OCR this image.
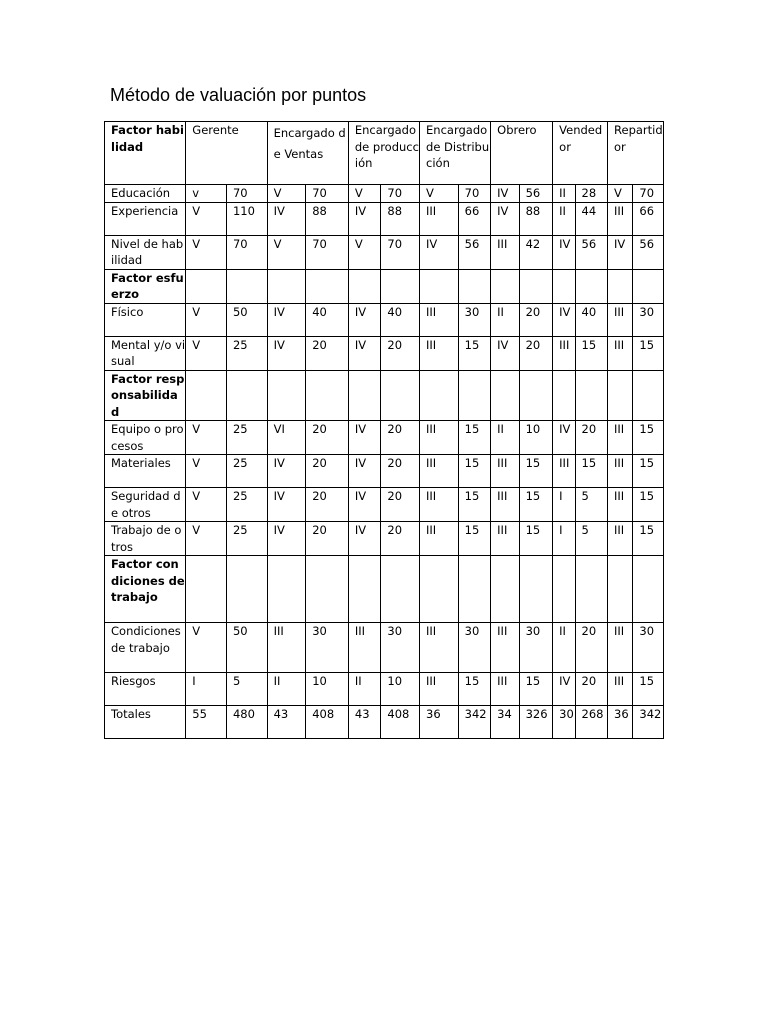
Método de valuación por puntos
Factor habilidad	Gerente		Encargado de Ventas		Encargado de producción		Encargado de Distribución		Obrero		Vendedor		Repartidor	
Educación	v	70	V	70	V	70	V	70	IV	56	II	28	V	70
Experiencia	V	110	IV	88	IV	88	III	66	IV	88	II	44	III	66
Nivel de habilidad	V	70	V	70	V	70	IV	56	III	42	IV	56	IV	56
Factor esfuerzo														
Físico	V	50	IV	40	IV	40	III	30	II	20	IV	40	III	30
Mental y/o visual	V	25	IV	20	IV	20	III	15	IV	20	III	15	III	15
Factor responsabilidad														
Equipo o procesos	V	25	VI	20	IV	20	III	15	II	10	IV	20	III	15
Materiales	V	25	IV	20	IV	20	III	15	III	15	III	15	III	15
Seguridad de otros	V	25	IV	20	IV	20	III	15	III	15	I	5	III	15
Trabajo de otros	V	25	IV	20	IV	20	III	15	III	15	I	5	III	15
Factor condiciones de trabajo														
Condiciones de trabajo	V	50	III	30	III	30	III	30	III	30	II	20	III	30
Riesgos	I	5	II	10	II	10	III	15	III	15	IV	20	III	15
Totales	55	480	43	408	43	408	36	342	34	326	30	268	36	342
